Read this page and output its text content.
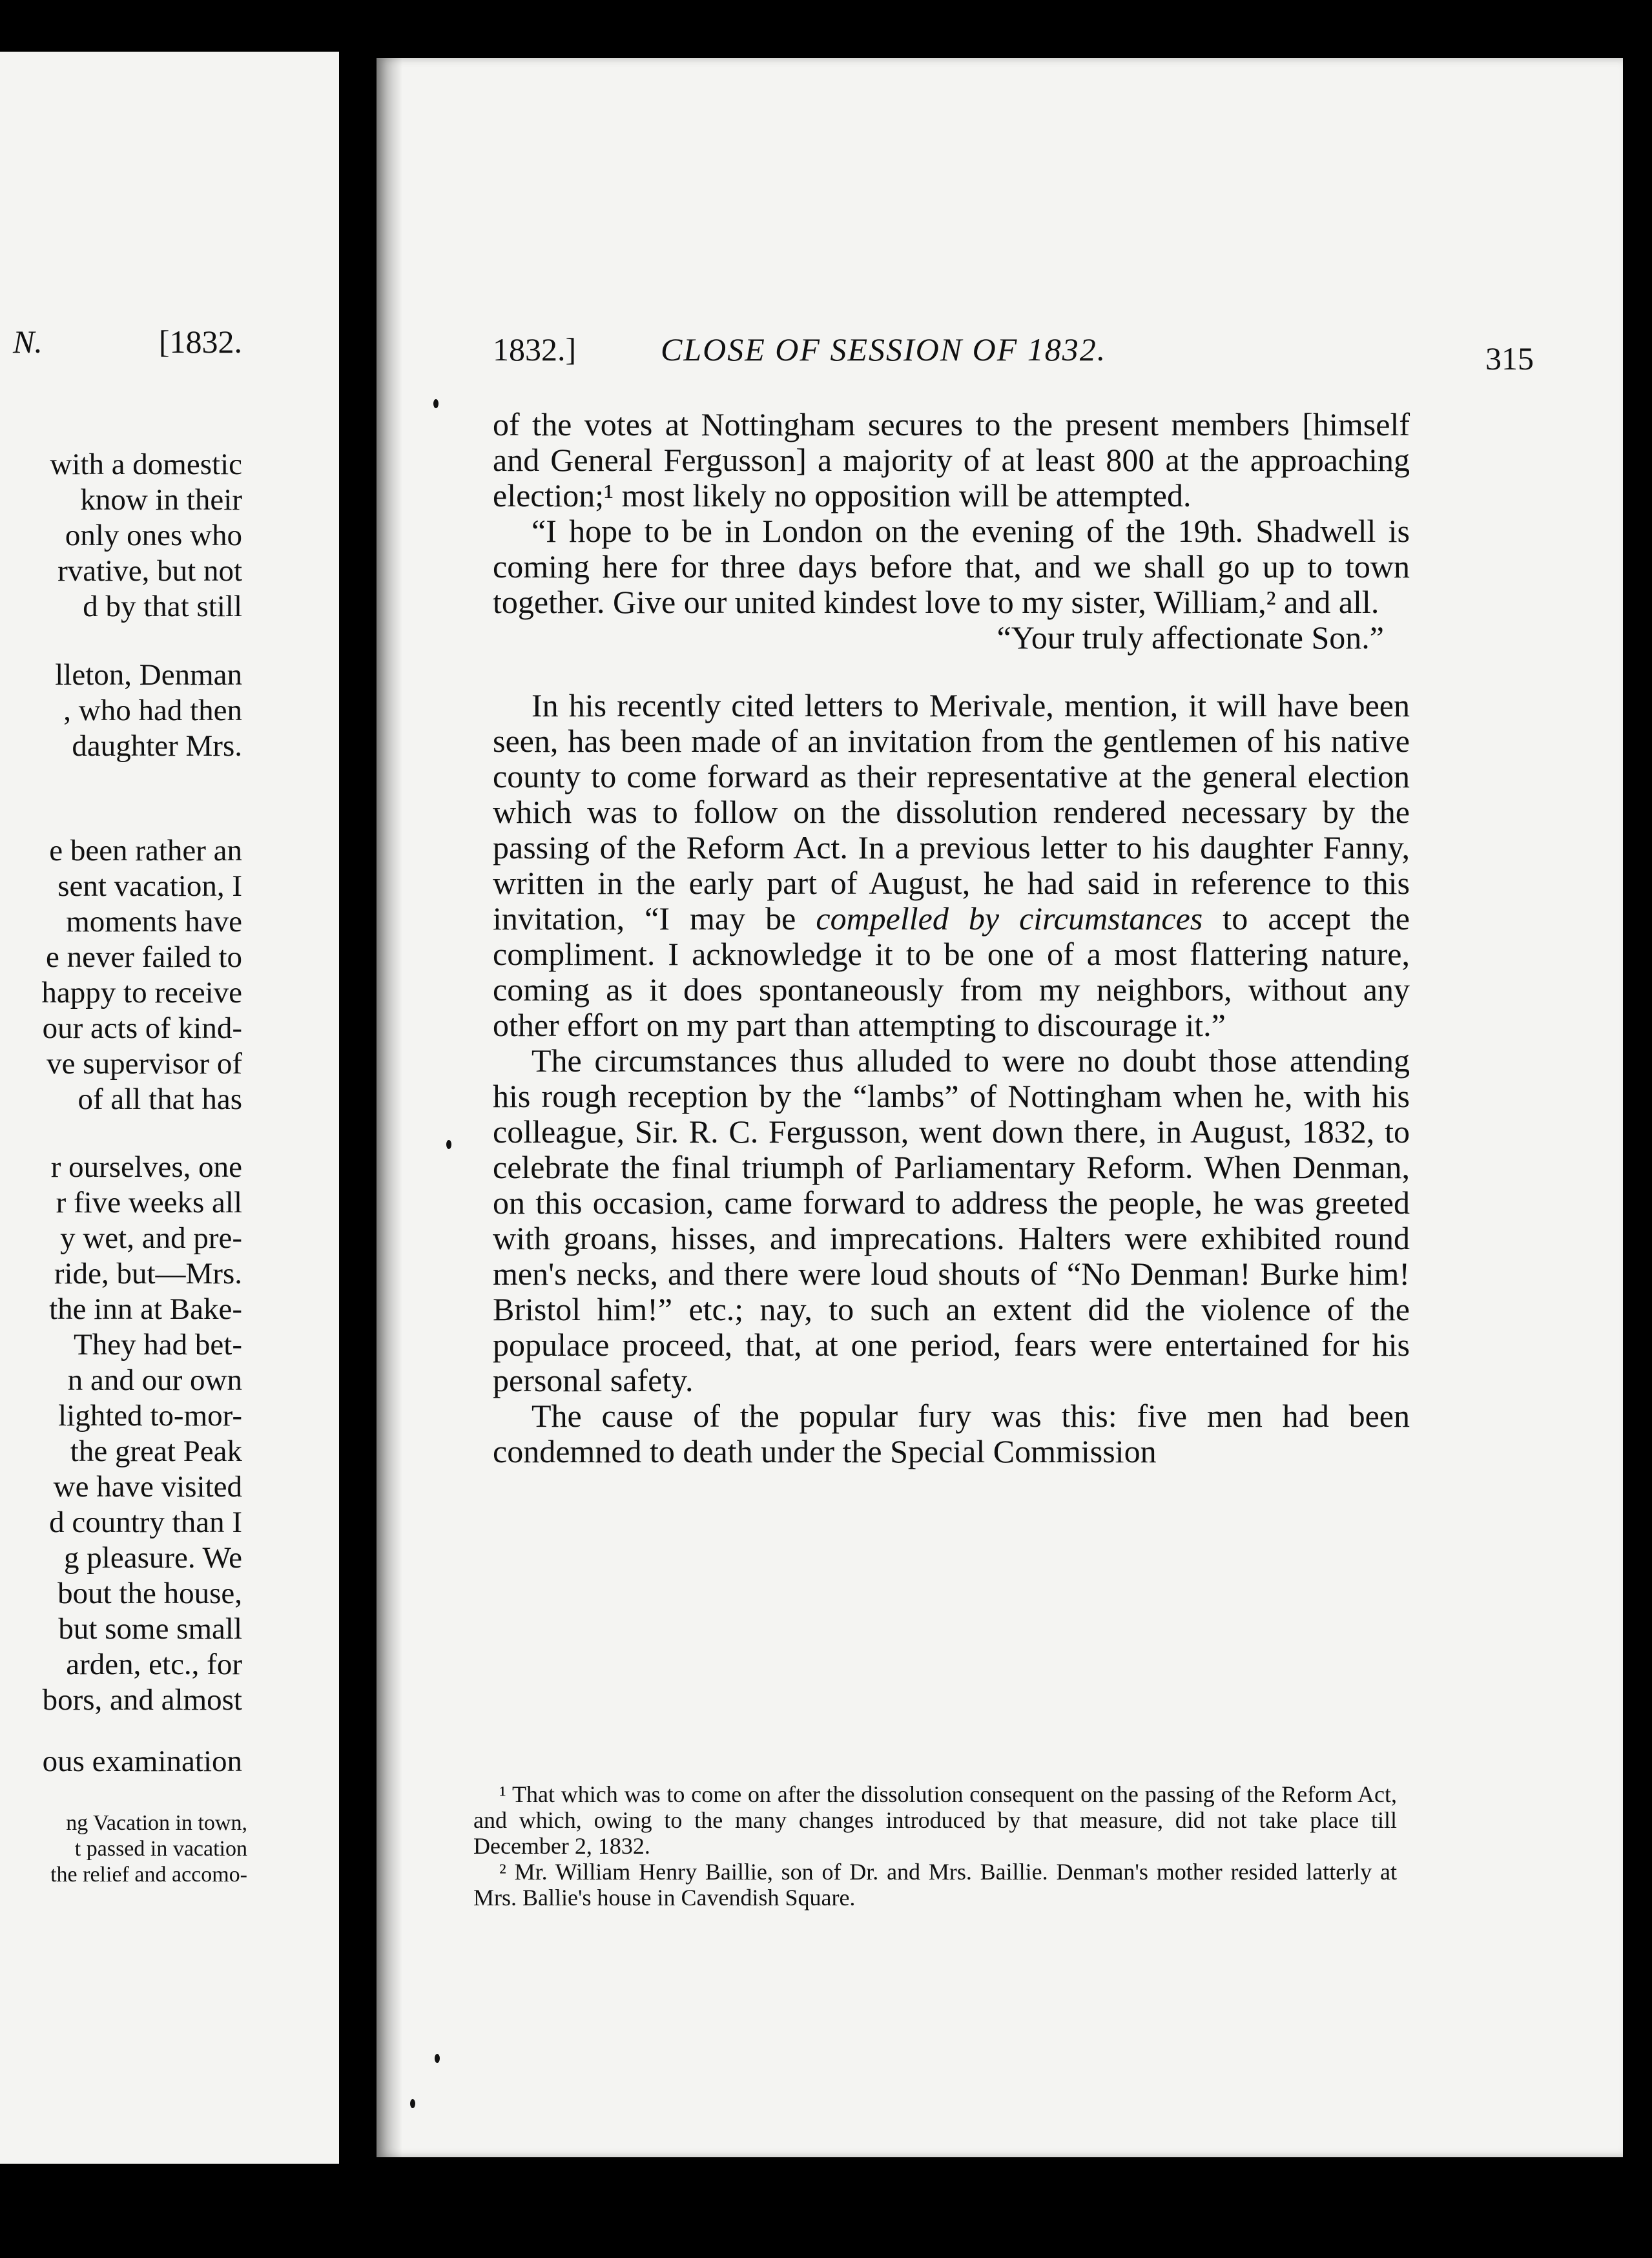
N.	[1832.
with a domestic
know in their
only ones who
rvative, but not
d by that still
lleton, Denman
, who had then
daughter Mrs.
e been rather an
sent vacation, I
moments have
e never failed to
happy to receive
our acts of kind-
ve supervisor of
of all that has
r ourselves, one
r five weeks all
y wet, and pre-
ride, but—Mrs.
the inn at Bake-
They had bet-
n and our own
lighted to-mor-
the great Peak
we have visited
d country than I
g pleasure. We
bout the house,
but some small
arden, etc., for
bors, and almost
ous examination
ng Vacation in town,
t passed in vacation
the relief and accomo-
1832.]	CLOSE OF SESSION OF 1832.	315

of the votes at Nottingham secures to the present members [himself and General Fergusson] a majority of at least 800 at the approaching election;¹ most likely no opposition will be attempted.

“I hope to be in London on the evening of the 19th. Shadwell is coming here for three days before that, and we shall go up to town together. Give our united kindest love to my sister, William,² and all.

“Your truly affectionate Son.”

In his recently cited letters to Merivale, mention, it will have been seen, has been made of an invitation from the gentlemen of his native county to come forward as their representative at the general election which was to follow on the dissolution rendered necessary by the passing of the Reform Act. In a previous letter to his daughter Fanny, written in the early part of August, he had said in reference to this invitation, “I may be compelled by circumstances to accept the compliment. I acknowledge it to be one of a most flattering nature, coming as it does spontaneously from my neighbors, without any other effort on my part than attempting to discourage it.”

The circumstances thus alluded to were no doubt those attending his rough reception by the “lambs” of Nottingham when he, with his colleague, Sir. R. C. Fergusson, went down there, in August, 1832, to celebrate the final triumph of Parliamentary Reform. When Denman, on this occasion, came forward to address the people, he was greeted with groans, hisses, and imprecations. Halters were exhibited round men's necks, and there were loud shouts of “No Denman! Burke him! Bristol him!” etc.; nay, to such an extent did the violence of the populace proceed, that, at one period, fears were entertained for his personal safety.

The cause of the popular fury was this: five men had been condemned to death under the Special Commission

¹ That which was to come on after the dissolution consequent on the passing of the Reform Act, and which, owing to the many changes introduced by that measure, did not take place till December 2, 1832.

² Mr. William Henry Baillie, son of Dr. and Mrs. Baillie. Denman's mother resided latterly at Mrs. Ballie's house in Cavendish Square.
